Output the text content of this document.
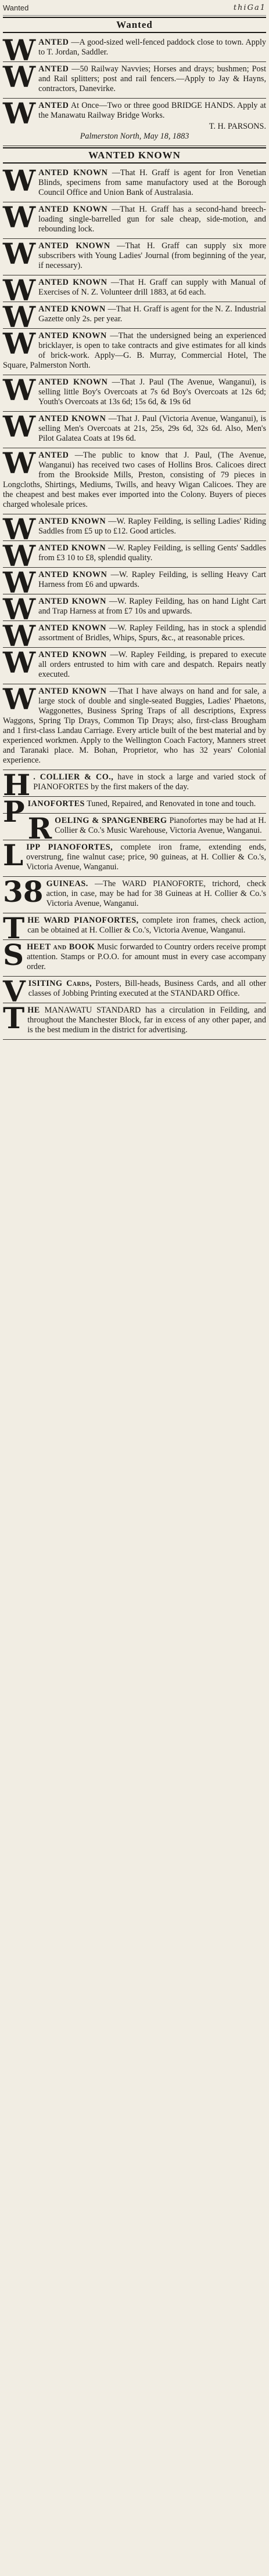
Wanted	thiGa1
Wanted

WANTED —A good-sized well-fenced paddock close to town. Apply to T. Jordan, Saddler.

WANTED —50 Railway Navvies; Horses and drays; bushmen; Post and Rail splitters; post and rail fencers.—Apply to Jay & Hayns, contractors, Danevirke.

WANTED At Once—Two or three good BRIDGE HANDS. Apply at the Manawatu Railway Bridge Works.

T. H. PARSONS.
Palmerston North, May 18, 1883
WANTED KNOWN

WANTED KNOWN —That H. Graff is agent for Iron Venetian Blinds, specimens from same manufactory used at the Borough Council Office and Union Bank of Australasia.

WANTED KNOWN —That H. Graff has a second-hand breech-loading single-barrelled gun for sale cheap, side-motion, and rebounding lock.

WANTED KNOWN —That H. Graff can supply six more subscribers with Young Ladies' Journal (from beginning of the year, if necessary).

WANTED KNOWN —That H. Graff can supply with Manual of Exercises of N. Z. Volunteer drill 1883, at 6d each.

WANTED KNOWN —That H. Graff is agent for the N. Z. Industrial Gazette only 2s. per year.

WANTED KNOWN —That the undersigned being an experienced bricklayer, is open to take contracts and give estimates for all kinds of brick-work. Apply—G. B. Murray, Commercial Hotel, The Square, Palmerston North.

WANTED KNOWN —That J. Paul (The Avenue, Wanganui), is selling little Boy's Overcoats at 7s 6d Boy's Overcoats at 12s 6d; Youth's Overcoats at 13s 6d; 15s 6d, & 19s 6d

WANTED KNOWN —That J. Paul (Victoria Avenue, Wanganui), is selling Men's Overcoats at 21s, 25s, 29s 6d, 32s 6d. Also, Men's Pilot Galatea Coats at 19s 6d.

WANTED —The public to know that J. Paul, (The Avenue, Wanganui) has received two cases of Hollins Bros. Calicoes direct from the Brookside Mills, Preston, consisting of 79 pieces in Longcloths, Shirtings, Mediums, Twills, and heavy Wigan Calicoes. They are the cheapest and best makes ever imported into the Colony. Buyers of pieces charged wholesale prices.

WANTED KNOWN —W. Rapley Feilding, is selling Ladies' Riding Saddles from £5 up to £12. Good articles.

WANTED KNOWN —W. Rapley Feilding, is selling Gents' Saddles from £3 10 to £8, splendid quality.

WANTED KNOWN —W. Rapley Feilding, is selling Heavy Cart Harness from £6 and upwards.

WANTED KNOWN —W. Rapley Feilding, has on hand Light Cart and Trap Harness at from £7 10s and upwards.

WANTED KNOWN —W. Rapley Feilding, has in stock a splendid assortment of Bridles, Whips, Spurs, &c., at reasonable prices.

WANTED KNOWN —W. Rapley Feilding, is prepared to execute all orders entrusted to him with care and despatch. Repairs neatly executed.

WANTED KNOWN —That I have always on hand and for sale, a large stock of double and single-seated Buggies, Ladies' Phaetons, Waggonettes, Business Spring Traps of all descriptions, Express Waggons, Spring Tip Drays, Common Tip Drays; also, first-class Brougham and 1 first-class Landau Carriage. Every article built of the best material and by experienced workmen. Apply to the Wellington Coach Factory, Manners street and Taranaki place. M. Bohan, Proprietor, who has 32 years' Colonial experience.

H . COLLIER & CO., have in stock a large and varied stock of PIANOFORTES by the first makers of the day.

PIANOFORTES Tuned, Repaired, and Renovated in tone and touch.

ROELING & SPANGENBERG Pianofortes may be had at H. Collier & Co.'s Music Warehouse, Victoria Avenue, Wanganui.

LIPP PIANOFORTES, complete iron frame, extending ends, overstrung, fine walnut case; price, 90 guineas, at H. Collier & Co.'s, Victoria Avenue, Wanganui.

38 GUINEAS. —The WARD PIANOFORTE, trichord, check action, in case, may be had for 38 Guineas at H. Collier & Co.'s Victoria Avenue, Wanganui.

THE WARD PIANOFORTES, complete iron frames, check action, can be obtained at H. Collier & Co.'s, Victoria Avenue, Wanganui.

SHEET and BOOK Music forwarded to Country orders receive prompt attention. Stamps or P.O.O. for amount must in every case accompany order.

VISITING Cards, Posters, Bill-heads, Business Cards, and all other classes of Jobbing Printing executed at the STANDARD Office.

THE MANAWATU STANDARD has a circulation in Feilding, and throughout the Manchester Block, far in excess of any other paper, and is the best medium in the district for advertising.
